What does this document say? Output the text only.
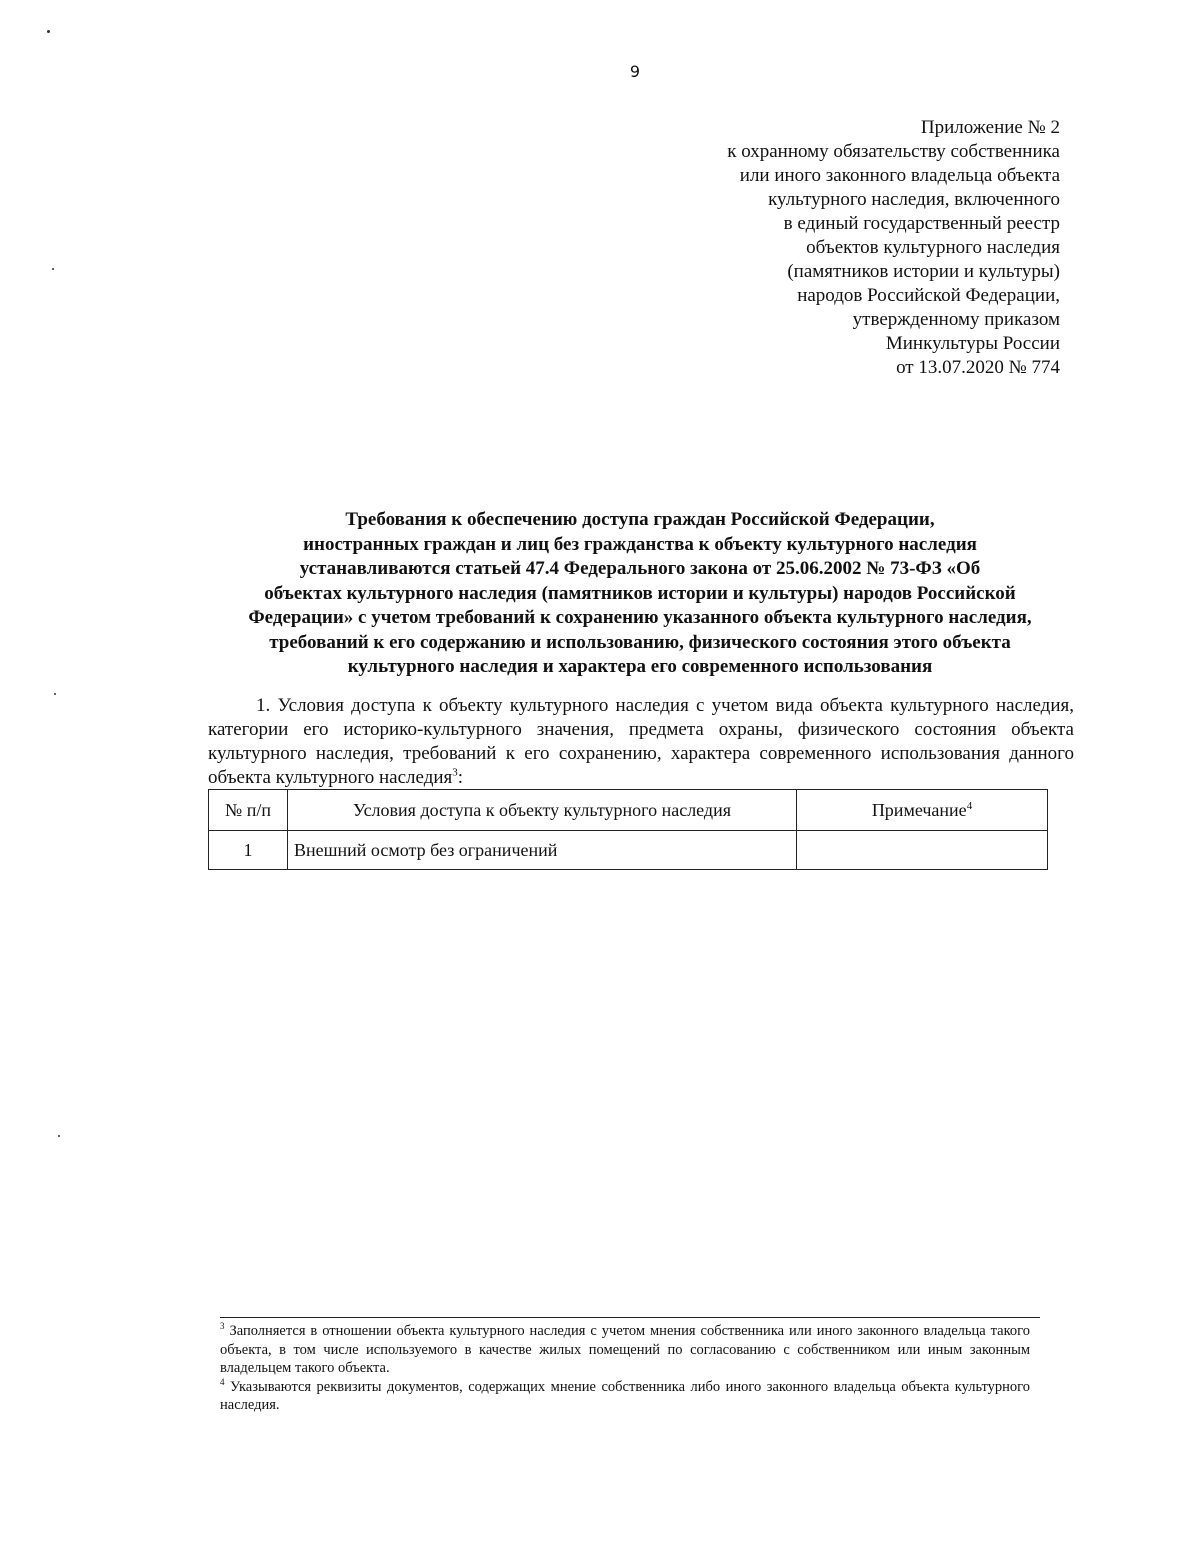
9
Приложение № 2
к охранному обязательству собственника
или иного законного владельца объекта
культурного наследия, включенного
в единый государственный реестр
объектов культурного наследия
(памятников истории и культуры)
народов Российской Федерации,
утвержденному приказом
Минкультуры России
от 13.07.2020 № 774
Требования к обеспечению доступа граждан Российской Федерации,
иностранных граждан и лиц без гражданства к объекту культурного наследия
устанавливаются статьей 47.4 Федерального закона от 25.06.2002 № 73-ФЗ «Об
объектах культурного наследия (памятников истории и культуры) народов Российской
Федерации» с учетом требований к сохранению указанного объекта культурного наследия,
требований к его содержанию и использованию, физического состояния этого объекта
культурного наследия и характера его современного использования
1. Условия доступа к объекту культурного наследия с учетом вида объекта культурного наследия, категории его историко-культурного значения, предмета охраны, физического состояния объекта культурного наследия, требований к его сохранению, характера современного использования данного объекта культурного наследия$^3$:
№ п/п	Условия доступа к объекту культурного наследия	Примечание$^4$
1	Внешний осмотр без ограничений	

$^3$ Заполняется в отношении объекта культурного наследия с учетом мнения собственника или иного законного владельца такого объекта, в том числе используемого в качестве жилых помещений по согласованию с собственником или иным законным владельцем такого объекта.

$^4$ Указываются реквизиты документов, содержащих мнение собственника либо иного законного владельца объекта культурного наследия.
